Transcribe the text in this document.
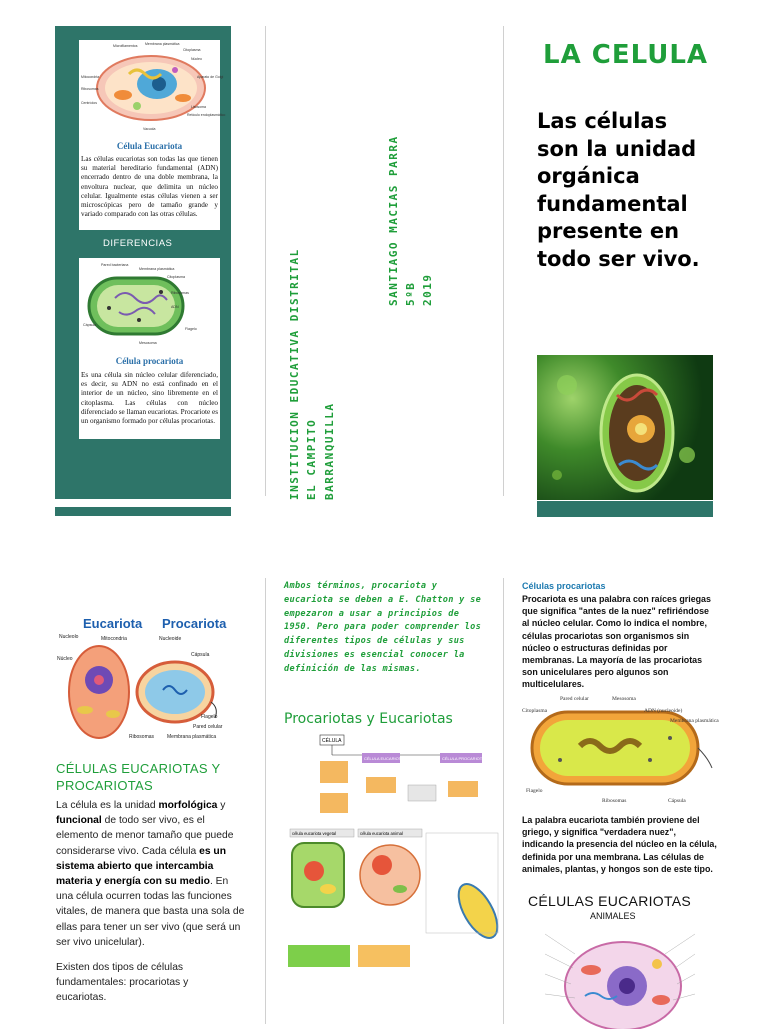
Microfilamentos Membrana plasmática
Citoplasma
Núcleo
Mitocondria
Ribosomas
Aparato de Golgi
Centríolos
Lisosoma
Retículo endoplasmático
Vacuola
Célula Eucariota
Las células eucariotas son todas las que tienen su material hereditario fundamental (ADN) encerrado dentro de una doble membrana, la envoltura nuclear, que delimita un núcleo celular. Igualmente estas células vienen a ser microscópicas pero de tamaño grande y variado comparado con las otras células.
DIFERENCIAS
Pared bacteriana
Membrana plasmática
Citoplasma
Ribosomas
ADN
Cápsula
Flagelo
Mesosoma
Célula procariota
Es una célula sin núcleo celular diferenciado, es decir, su ADN no está confinado en el interior de un núcleo, sino libremente en el citoplasma. Las células con núcleo diferenciado se llaman eucariotas. Procariote es un organismo formado por células procariotas.	INSTITUCION EDUCATIVA DISTRITAL EL CAMPITO BARRANQUILLA
SANTIAGO MACIAS PARRA 5ºB 2019
LA CELULA
Las células son la unidad orgánica fundamental presente en todo ser vivo.
Eucariota Procariota
Nucleolo	Mitocondria
Núcleo
Ribosomas
Nucleoide
Cápsula
Flagelo
Pared celular
Membrana plasmática
CÉLULAS EUCARIOTAS Y PROCARIOTAS
La célula es la unidad morfológica y funcional de todo ser vivo, es el elemento de menor tamaño que puede considerarse vivo. Cada célula es un sistema abierto que intercambia materia y energía con su medio. En una célula ocurren todas las funciones vitales, de manera que basta una sola de ellas para tener un ser vivo (que será un ser vivo unicelular).
Existen dos tipos de células fundamentales: procariotas y eucariotas.
Ambos términos, procariota y eucariota se deben a E. Chatton y se empezaron a usar a principios de 1950. Pero para poder comprender los diferentes tipos de células y sus divisiones es esencial conocer la definición de las mismas.
Procariotas y Eucariotas
CÉLULA
CÉLULA EUCARIOTA	CÉLULA PROCARIOTA
célula eucariota vegetal	célula eucariota animal
Células procariotas
Procariota es una palabra con raíces griegas que significa "antes de la nuez" refiriéndose al núcleo celular. Como lo indica el nombre, células procariotas son organismos sin núcleo o estructuras definidas por membranas. La mayoría de las procariotas son unicelulares pero algunos son multicelulares.
Pared celular	Mesosoma
Citoplasma	ADN (nucleoide)
Membrana plasmática
Flagelo
Ribosomas	Cápsula
La palabra eucariota también proviene del griego, y significa "verdadera nuez", indicando la presencia del núcleo en la célula, definida por una membrana. Las células de animales, plantas, y hongos son de este tipo.
CÉLULAS EUCARIOTAS
ANIMALES
